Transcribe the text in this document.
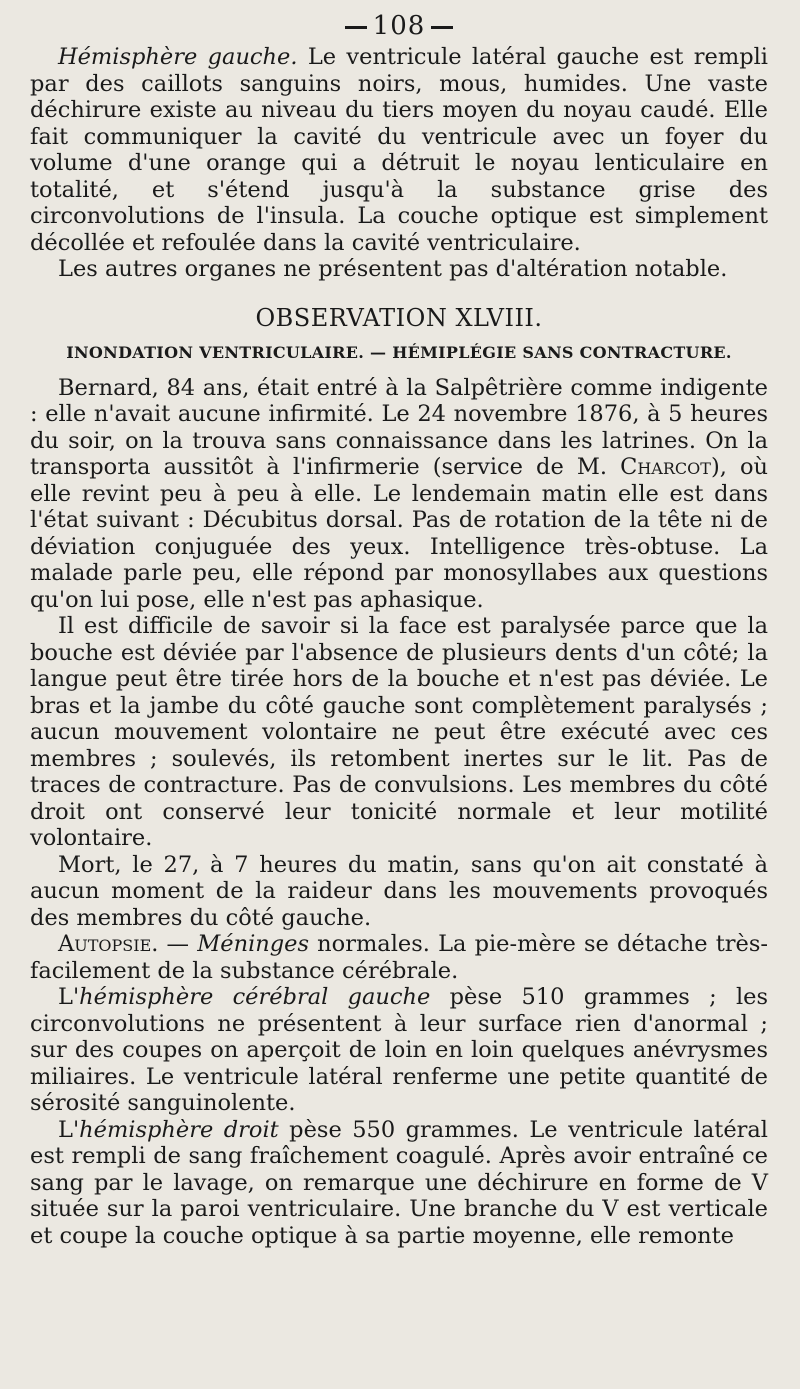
108

Hémisphère gauche. Le ventricule latéral gauche est rempli par des caillots sanguins noirs, mous, humides. Une vaste déchirure existe au niveau du tiers moyen du noyau caudé. Elle fait communiquer la cavité du ventricule avec un foyer du volume d'une orange qui a détruit le noyau lenticulaire en totalité, et s'étend jusqu'à la substance grise des circonvolutions de l'insula. La couche optique est simplement décollée et refoulée dans la cavité ventriculaire.

Les autres organes ne présentent pas d'altération notable.

OBSERVATION XLVIII.
INONDATION VENTRICULAIRE. — HÉMIPLÉGIE SANS CONTRACTURE.

Bernard, 84 ans, était entré à la Salpêtrière comme indigente : elle n'avait aucune infirmité. Le 24 novembre 1876, à 5 heures du soir, on la trouva sans connaissance dans les latrines. On la transporta aussitôt à l'infirmerie (service de M. Charcot), où elle revint peu à peu à elle. Le lendemain matin elle est dans l'état suivant : Décubitus dorsal. Pas de rotation de la tête ni de déviation conjuguée des yeux. Intelligence très-obtuse. La malade parle peu, elle répond par monosyllabes aux questions qu'on lui pose, elle n'est pas aphasique.

Il est difficile de savoir si la face est paralysée parce que la bouche est déviée par l'absence de plusieurs dents d'un côté; la langue peut être tirée hors de la bouche et n'est pas déviée. Le bras et la jambe du côté gauche sont complètement paralysés ; aucun mouvement volontaire ne peut être exécuté avec ces membres ; soulevés, ils retombent inertes sur le lit. Pas de traces de contracture. Pas de convulsions. Les membres du côté droit ont conservé leur tonicité normale et leur motilité volontaire.

Mort, le 27, à 7 heures du matin, sans qu'on ait constaté à aucun moment de la raideur dans les mouvements provoqués des membres du côté gauche.

Autopsie. — Méninges normales. La pie-mère se détache très-facilement de la substance cérébrale.

L'hémisphère cérébral gauche pèse 510 grammes ; les circonvolutions ne présentent à leur surface rien d'anormal ; sur des coupes on aperçoit de loin en loin quelques anévrysmes miliaires. Le ventricule latéral renferme une petite quantité de sérosité sanguinolente.

L'hémisphère droit pèse 550 grammes. Le ventricule latéral est rempli de sang fraîchement coagulé. Après avoir entraîné ce sang par le lavage, on remarque une déchirure en forme de V située sur la paroi ventriculaire. Une branche du V est verticale et coupe la couche optique à sa partie moyenne, elle remonte
